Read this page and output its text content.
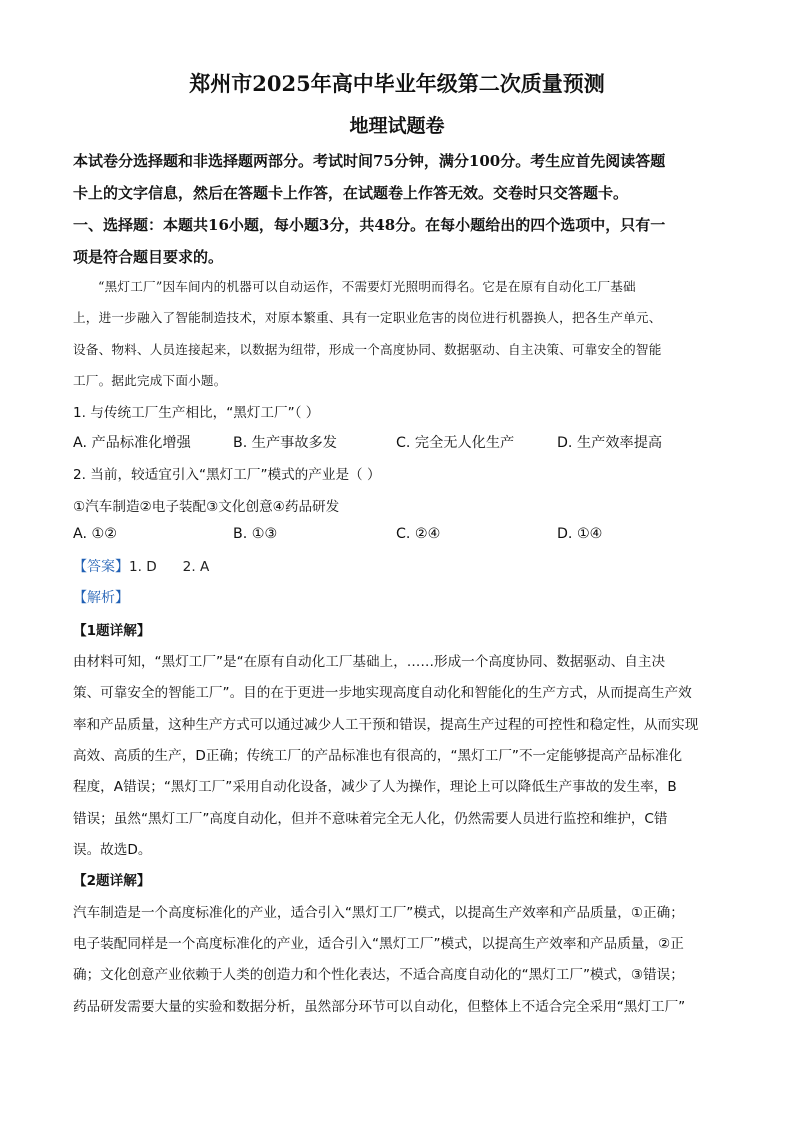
郑州市2025年高中毕业年级第二次质量预测
地理试题卷
本试卷分选择题和非选择题两部分。考试时间75分钟，满分100分。考生应首先阅读答题
卡上的文字信息，然后在答题卡上作答，在试题卷上作答无效。交卷时只交答题卡。
一、选择题：本题共16小题，每小题3分，共48分。在每小题给出的四个选项中，只有一
项是符合题目要求的。
“黑灯工厂”因车间内的机器可以自动运作，不需要灯光照明而得名。它是在原有自动化工厂基础
上，进一步融入了智能制造技术，对原本繁重、具有一定职业危害的岗位进行机器换人，把各生产单元、
设备、物料、人员连接起来，以数据为纽带，形成一个高度协同、数据驱动、自主决策、可靠安全的智能
工厂。据此完成下面小题。
1. 与传统工厂生产相比，“黑灯工厂”（ ）
A. 产品标准化增强	B. 生产事故多发	C. 完全无人化生产	D. 生产效率提高
2. 当前，较适宜引入“黑灯工厂”模式的产业是（ ）
①汽车制造②电子装配③文化创意④药品研发
A. ①②	B. ①③	C. ②④	D. ①④
【答案】1. D      2. A
【解析】
【1题详解】
由材料可知，“黑灯工厂”是“在原有自动化工厂基础上，……形成一个高度协同、数据驱动、自主决
策、可靠安全的智能工厂”。目的在于更进一步地实现高度自动化和智能化的生产方式，从而提高生产效
率和产品质量，这种生产方式可以通过减少人工干预和错误，提高生产过程的可控性和稳定性，从而实现
高效、高质的生产，D正确；传统工厂的产品标准也有很高的，“黑灯工厂”不一定能够提高产品标准化
程度，A错误；“黑灯工厂”采用自动化设备，减少了人为操作，理论上可以降低生产事故的发生率，B
错误；虽然“黑灯工厂”高度自动化，但并不意味着完全无人化，仍然需要人员进行监控和维护，C错
误。故选D。
【2题详解】
汽车制造是一个高度标准化的产业，适合引入“黑灯工厂”模式，以提高生产效率和产品质量，①正确；
电子装配同样是一个高度标准化的产业，适合引入“黑灯工厂”模式，以提高生产效率和产品质量，②正
确；文化创意产业依赖于人类的创造力和个性化表达，不适合高度自动化的“黑灯工厂”模式，③错误；
药品研发需要大量的实验和数据分析，虽然部分环节可以自动化，但整体上不适合完全采用“黑灯工厂”
